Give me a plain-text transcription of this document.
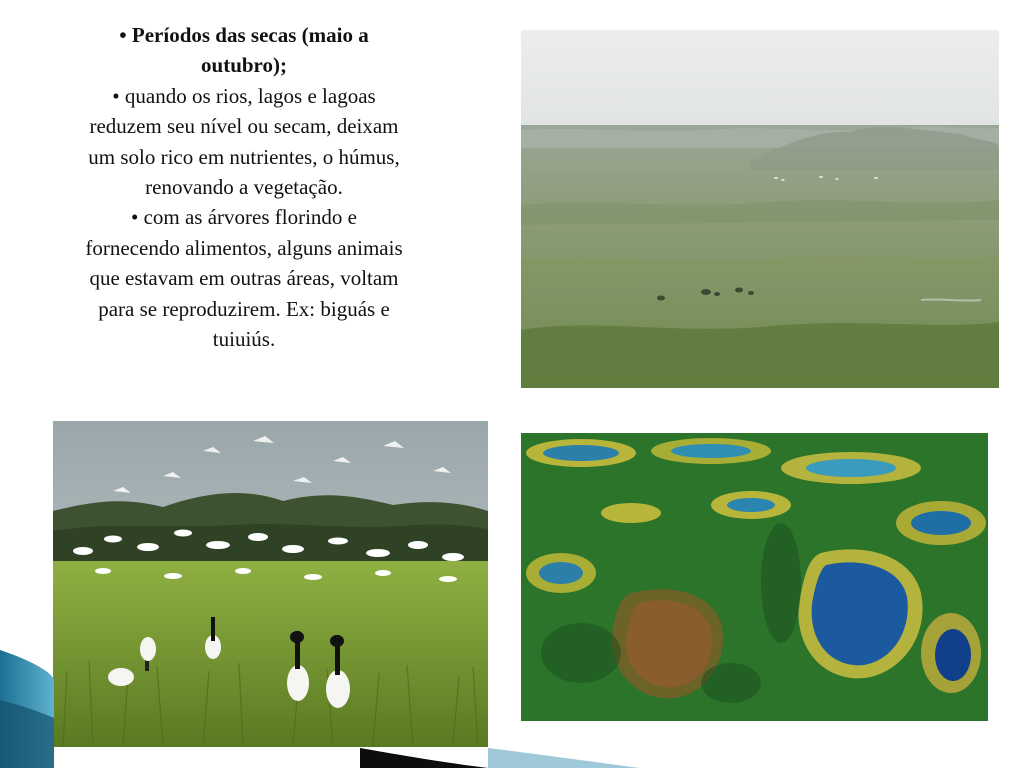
• Períodos das secas (maio a outubro);

• quando os rios, lagos e lagoas reduzem seu nível ou secam, deixam um solo rico em nutrientes, o húmus, renovando a vegetação.

• com as árvores florindo e fornecendo alimentos, alguns animais que estavam em outras áreas, voltam para se reproduzirem. Ex: biguás e tuiuiús.
